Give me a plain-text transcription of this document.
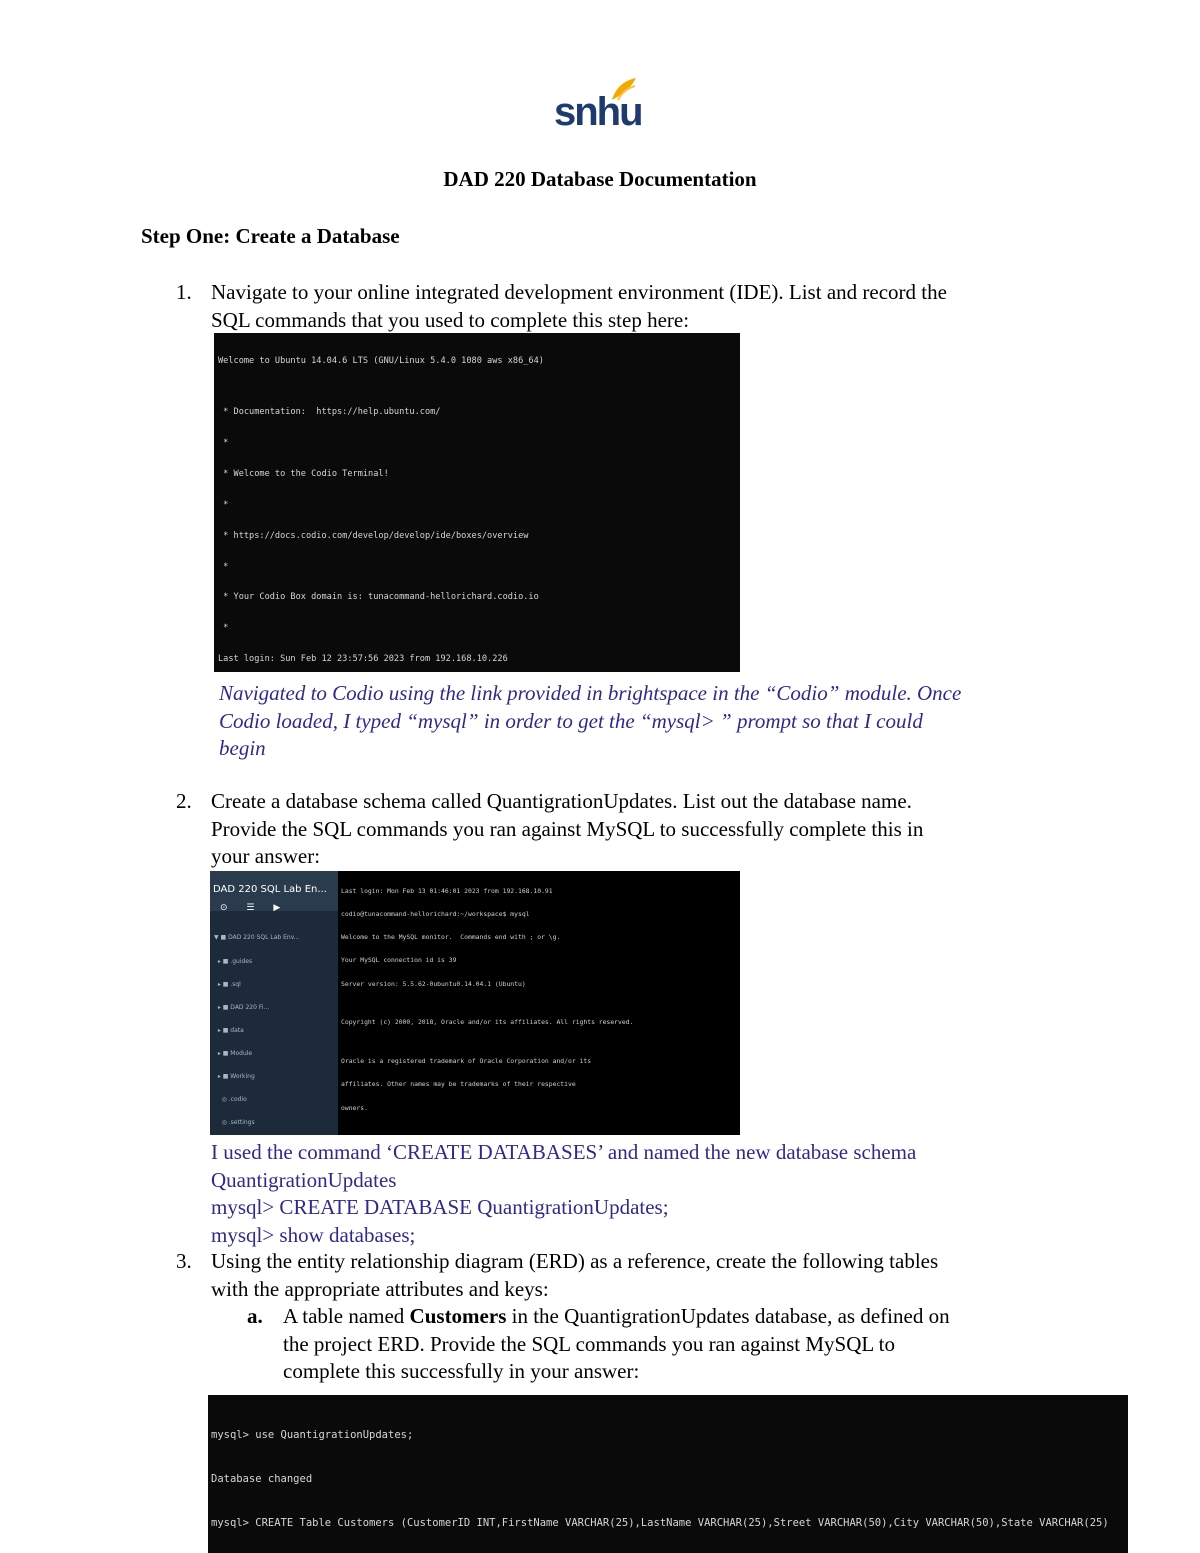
snhu
DAD 220 Database Documentation
Step One: Create a Database
1. Navigate to your online integrated development environment (IDE). List and record the
SQL commands that you used to complete this step here:

Welcome to Ubuntu 14.04.6 LTS (GNU/Linux 5.4.0 1080 aws x86_64)

* Documentation:  https://help.ubuntu.com/

*

* Welcome to the Codio Terminal!

*

* https://docs.codio.com/develop/develop/ide/boxes/overview

*

* Your Codio Box domain is: tunacommand-hellorichard.codio.io

*

Last login: Sun Feb 12 23:57:56 2023 from 192.168.10.226

Navigated to Codio using the link provided in brightspace in the “Codio” module. Once
Codio loaded, I typed “mysql” in order to get the “mysql> ” prompt so that I could
begin
2. Create a database schema called QuantigrationUpdates. List out the database name.
Provide the SQL commands you ran against MySQL to successfully complete this in
your answer:
DAD 220 SQL Lab En...
⊙ ☰ ▶

▼ ■ DAD 220 SQL Lab Env...

▸ ■ .guides

▸ ■ .sql

▸ ■ DAD 220 Fi...

▸ ■ data

▸ ■ Module

▸ ■ Working

◎ .codio

◎ .settings

Last login: Mon Feb 13 01:46:01 2023 from 192.168.10.91

codio@tunacommand-hellorichard:~/workspace$ mysql

Welcome to the MySQL monitor.  Commands end with ; or \g.

Your MySQL connection id is 39

Server version: 5.5.62-0ubuntu0.14.04.1 (Ubuntu)

Copyright (c) 2000, 2018, Oracle and/or its affiliates. All rights reserved.

Oracle is a registered trademark of Oracle Corporation and/or its

affiliates. Other names may be trademarks of their respective

owners.

I used the command ‘CREATE DATABASES’ and named the new database schema
QuantigrationUpdates
mysql> CREATE DATABASE QuantigrationUpdates;
mysql> show databases;
3. Using the entity relationship diagram (ERD) as a reference, create the following tables
with the appropriate attributes and keys:
a. A table named Customers in the QuantigrationUpdates database, as defined on
the project ERD. Provide the SQL commands you ran against MySQL to
complete this successfully in your answer:

mysql> use QuantigrationUpdates;

Database changed

mysql> CREATE Table Customers (CustomerID INT,FirstName VARCHAR(25),LastName VARCHAR(25),Street VARCHAR(50),City VARCHAR(50),State VARCHAR(25)
